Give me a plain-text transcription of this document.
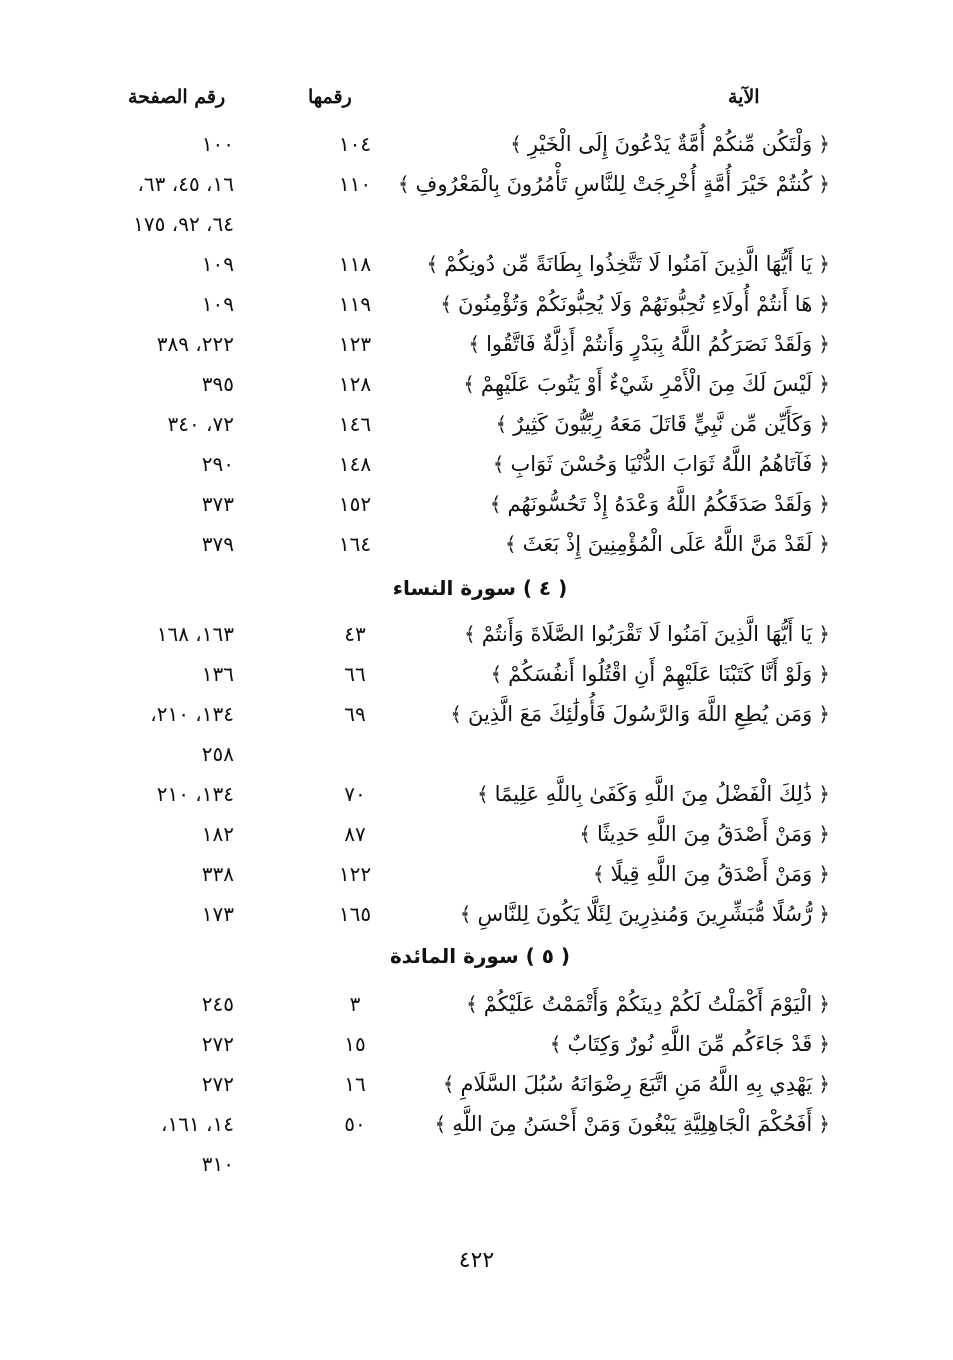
الآية
رقمها
رقم الصفحة
﴿وَلْتَكُن مِّنكُمْ أُمَّةٌ يَدْعُونَ إِلَى الْخَيْرِ﴾
١٠٤
١٠٠
﴿كُنتُمْ خَيْرَ أُمَّةٍ أُخْرِجَتْ لِلنَّاسِ تَأْمُرُونَ بِالْمَعْرُوفِ﴾
١١٠
١٦، ٤٥، ٦٣،
٦٤، ٩٢، ١٧٥
﴿يَا أَيُّهَا الَّذِينَ آمَنُوا لَا تَتَّخِذُوا بِطَانَةً مِّن دُونِكُمْ﴾
١١٨
١٠٩
﴿هَا أَنتُمْ أُولَاءِ تُحِبُّونَهُمْ وَلَا يُحِبُّونَكُمْ وَتُؤْمِنُونَ﴾
١١٩
١٠٩
﴿وَلَقَدْ نَصَرَكُمُ اللَّهُ بِبَدْرٍ وَأَنتُمْ أَذِلَّةٌ فَاتَّقُوا﴾
١٢٣
٢٢٢، ٣٨٩
﴿لَيْسَ لَكَ مِنَ الْأَمْرِ شَيْءٌ أَوْ يَتُوبَ عَلَيْهِمْ﴾
١٢٨
٣٩٥
﴿وَكَأَيِّن مِّن نَّبِيٍّ قَاتَلَ مَعَهُ رِبِّيُّونَ كَثِيرٌ﴾
١٤٦
٧٢، ٣٤٠
﴿فَآتَاهُمُ اللَّهُ ثَوَابَ الدُّنْيَا وَحُسْنَ ثَوَابِ﴾
١٤٨
٢٩٠
﴿وَلَقَدْ صَدَقَكُمُ اللَّهُ وَعْدَهُ إِذْ تَحُسُّونَهُم﴾
١٥٢
٣٧٣
﴿لَقَدْ مَنَّ اللَّهُ عَلَى الْمُؤْمِنِينَ إِذْ بَعَثَ﴾
١٦٤
٣٧٩
﴿يَا أَيُّهَا الَّذِينَ آمَنُوا لَا تَقْرَبُوا الصَّلَاةَ وَأَنتُمْ﴾
٤٣
١٦٣، ١٦٨
﴿وَلَوْ أَنَّا كَتَبْنَا عَلَيْهِمْ أَنِ اقْتُلُوا أَنفُسَكُمْ﴾
٦٦
١٣٦
﴿وَمَن يُطِعِ اللَّهَ وَالرَّسُولَ فَأُولَٰئِكَ مَعَ الَّذِينَ﴾
٦٩
١٣٤، ٢١٠،
٢٥٨
﴿ذَٰلِكَ الْفَضْلُ مِنَ اللَّهِ وَكَفَىٰ بِاللَّهِ عَلِيمًا﴾
٧٠
١٣٤، ٢١٠
﴿وَمَنْ أَصْدَقُ مِنَ اللَّهِ حَدِيثًا﴾
٨٧
١٨٢
﴿وَمَنْ أَصْدَقُ مِنَ اللَّهِ قِيلًا﴾
١٢٢
٣٣٨
﴿رُّسُلًا مُّبَشِّرِينَ وَمُنذِرِينَ لِئَلَّا يَكُونَ لِلنَّاسِ﴾
١٦٥
١٧٣
﴿الْيَوْمَ أَكْمَلْتُ لَكُمْ دِينَكُمْ وَأَتْمَمْتُ عَلَيْكُمْ﴾
٣
٢٤٥
﴿قَدْ جَاءَكُم مِّنَ اللَّهِ نُورٌ وَكِتَابٌ﴾
١٥
٢٧٢
﴿يَهْدِي بِهِ اللَّهُ مَنِ اتَّبَعَ رِضْوَانَهُ سُبُلَ السَّلَامِ﴾
١٦
٢٧٢
﴿أَفَحُكْمَ الْجَاهِلِيَّةِ يَبْغُونَ وَمَنْ أَحْسَنُ مِنَ اللَّهِ﴾
٥٠
١٤، ١٦١،
٣١٠
( ٤ ) سورة النساء
( ٥ ) سورة المائدة
٤٢٢
